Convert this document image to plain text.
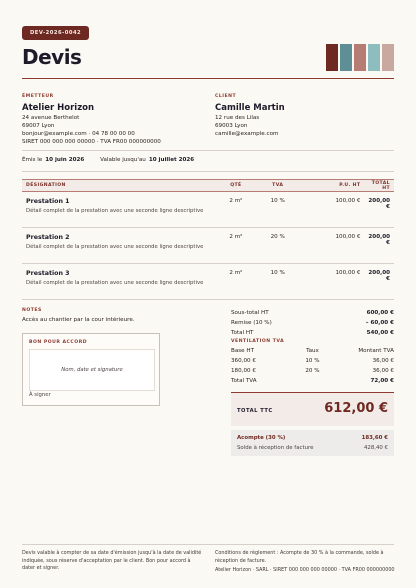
DEV-2026-0042
Devis
ÉMETTEUR
Atelier Horizon
24 avenue Berthelot
69007 Lyon
bonjour@example.com · 04 78 00 00 00
SIRET 000 000 000 00000 · TVA FR00 000000000
CLIENT
Camille Martin
12 rue des Lilas
69003 Lyon
camille@example.com
Émis le 10 juin 2026	Valable jusqu'au 10 juillet 2026
DÉSIGNATION	QTÉ	TVA	P.U. HT	TOTAL HT

Prestation 1
Détail complet de la prestation avec une seconde ligne descriptive	2 m²	10 %	100,00 €	200,00 €

Prestation 2
Détail complet de la prestation avec une seconde ligne descriptive	2 m²	20 %	100,00 €	200,00 €

Prestation 3
Détail complet de la prestation avec une seconde ligne descriptive	2 m²	10 %	100,00 €	200,00 €
NOTES
Accès au chantier par la cour intérieure.
BON POUR ACCORD
Nom, date et signature
À signer
Sous-total HT	600,00 €
Remise (10 %)	– 60,00 €
Total HT	540,00 €
VENTILATION TVA
Base HT	Taux	Montant TVA
360,00 €	10 %	36,00 €
180,00 €	20 %	36,00 €
Total TVA	72,00 €
TOTAL TTC	612,00 €
Acompte (30 %)	183,60 €
Solde à réception de facture	428,40 €
Devis valable à compter de sa date d'émission jusqu'à la date de validité indiquée, sous réserve d'acceptation par le client. Bon pour accord à dater et signer.
Conditions de règlement : Acompte de 30 % à la commande, solde à réception de facture.
Atelier Horizon · SARL · SIRET 000 000 000 00000 · TVA FR00 000000000
